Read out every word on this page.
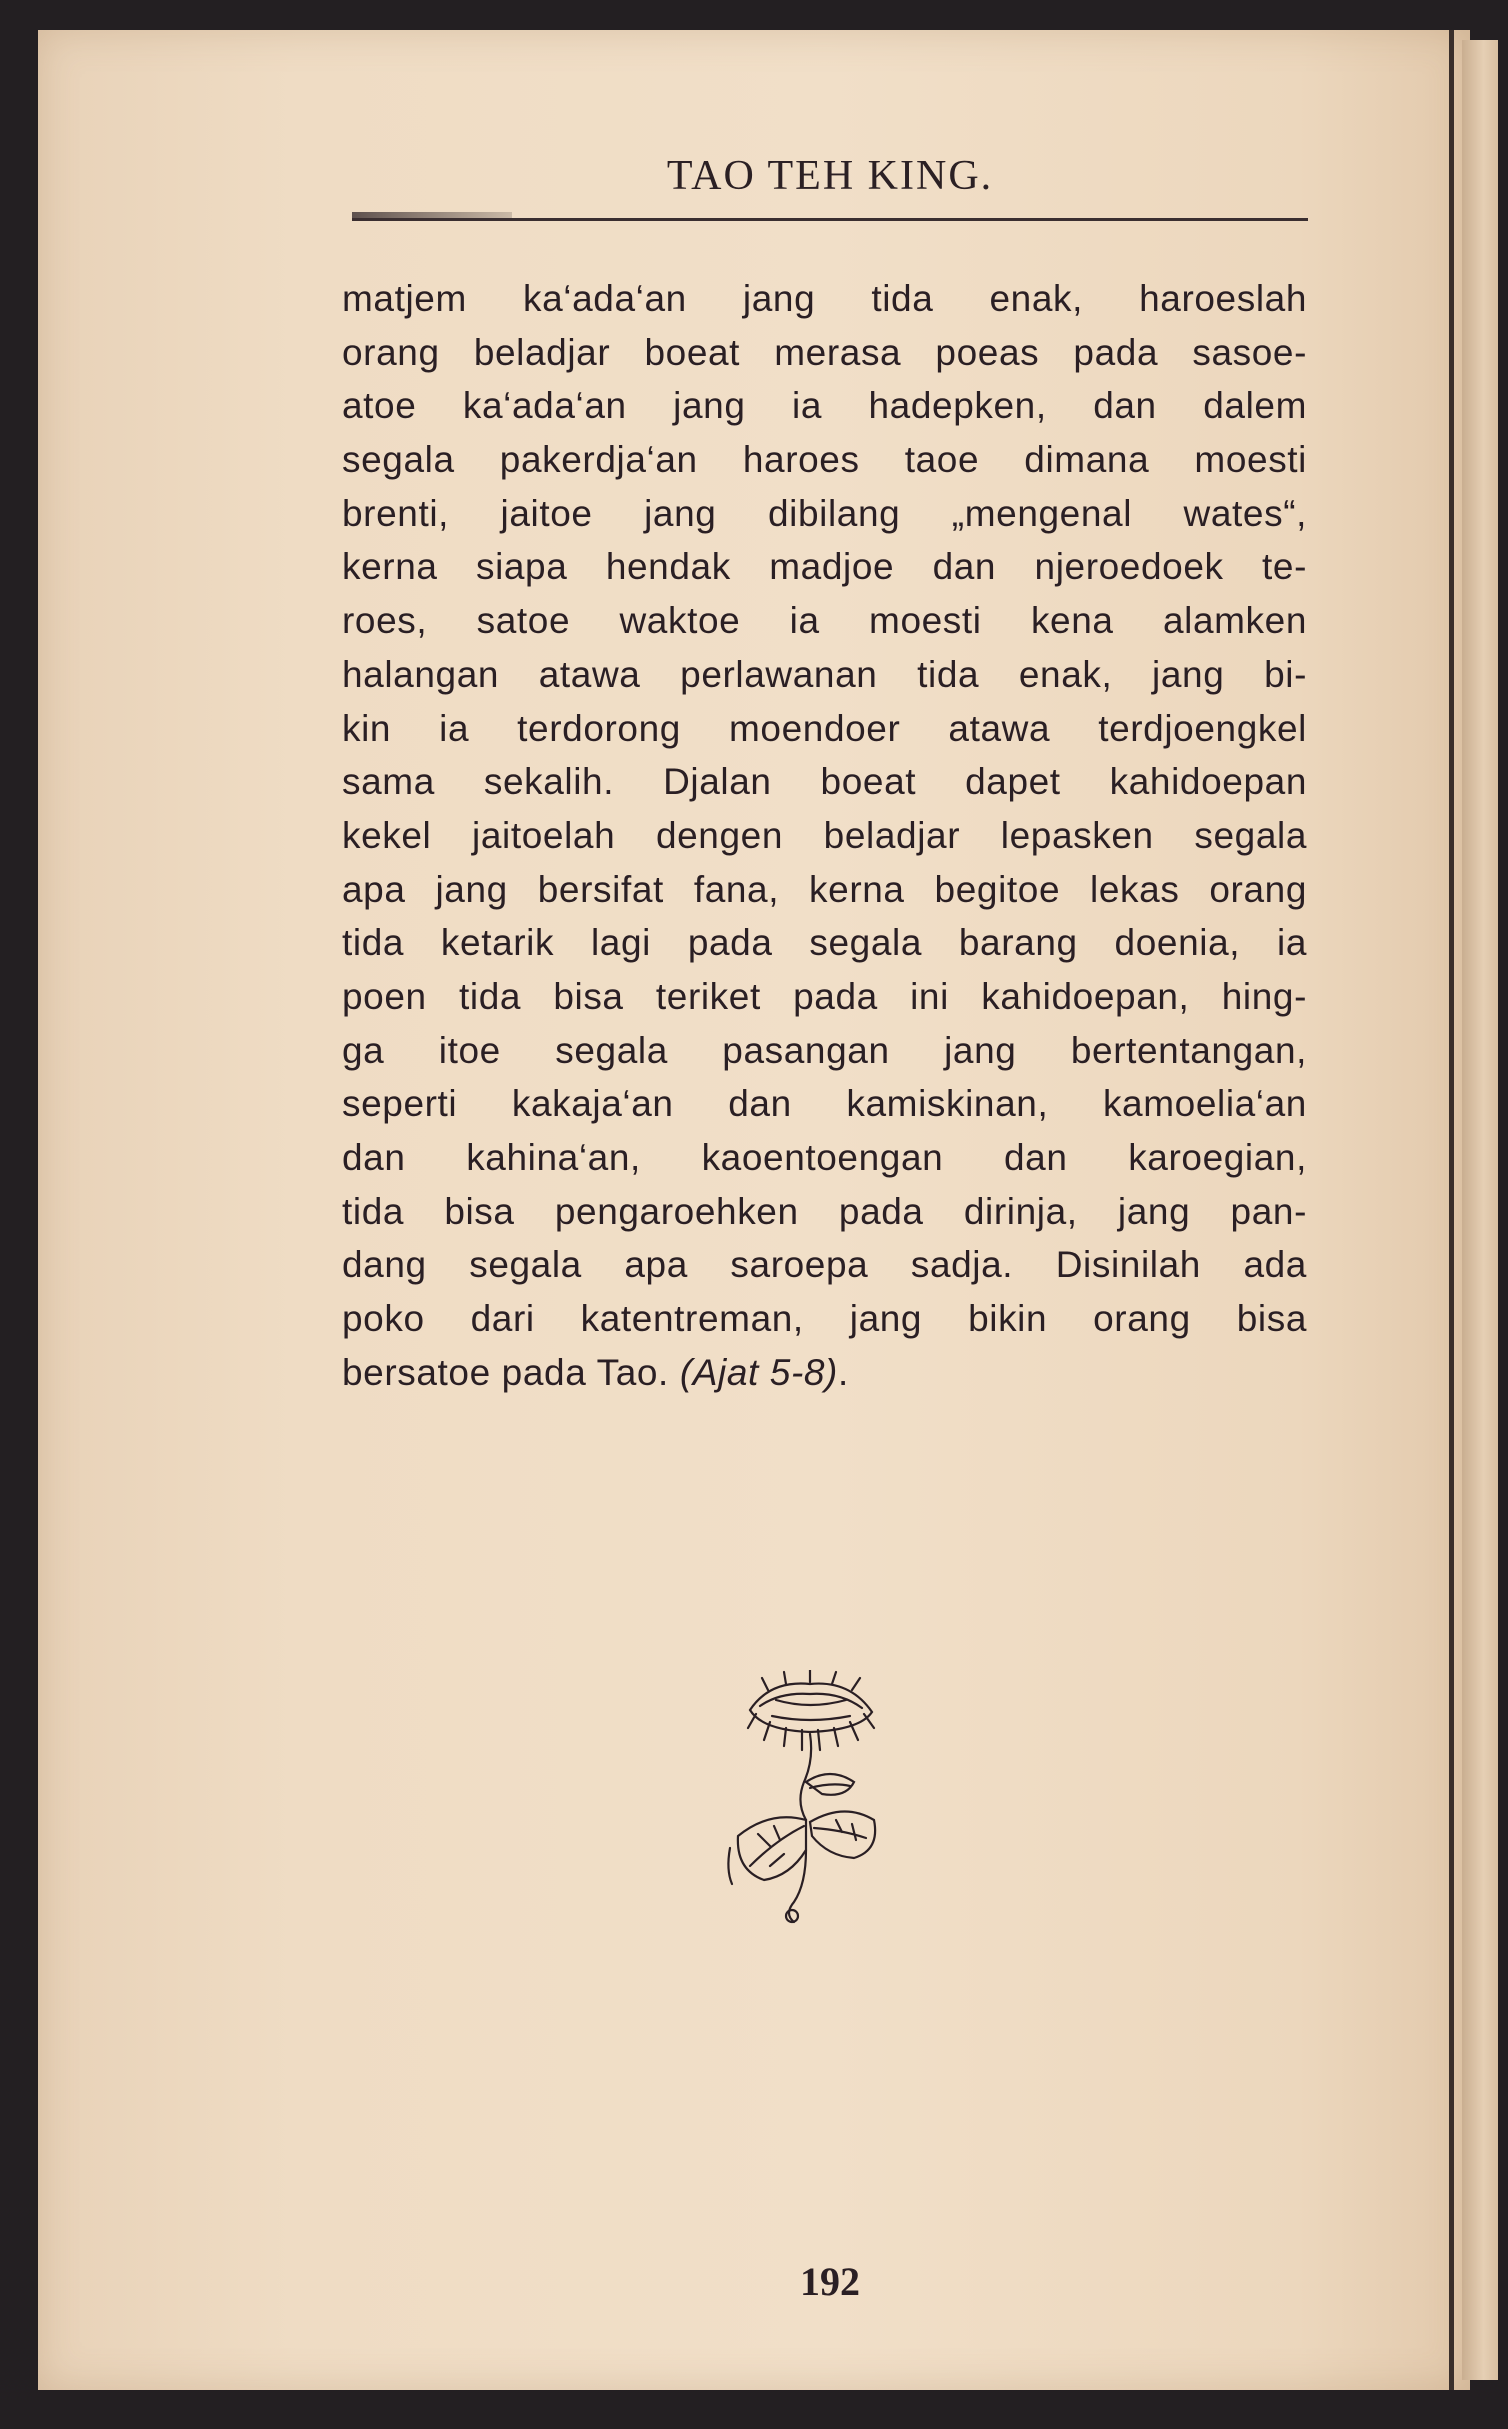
TAO TEH KING.
matjem ka‘ada‘an jang tida enak, haroeslah
orang beladjar boeat merasa poeas pada sasoe-
atoe ka‘ada‘an jang ia hadepken, dan dalem
segala pakerdja‘an haroes taoe dimana moesti
brenti, jaitoe jang dibilang „mengenal wates“,
kerna siapa hendak madjoe dan njeroedoek te-
roes, satoe waktoe ia moesti kena alamken
halangan atawa perlawanan tida enak, jang bi-
kin ia terdorong moendoer atawa terdjoengkel
sama sekalih. Djalan boeat dapet kahidoepan
kekel jaitoelah dengen beladjar lepasken segala
apa jang bersifat fana, kerna begitoe lekas orang
tida ketarik lagi pada segala barang doenia, ia
poen tida bisa teriket pada ini kahidoepan, hing-
ga itoe segala pasangan jang bertentangan,
seperti kakaja‘an dan kamiskinan, kamoelia‘an
dan kahina‘an, kaoentoengan dan karoegian,
tida bisa pengaroehken pada dirinja, jang pan-
dang segala apa saroepa sadja. Disinilah ada
poko dari katentreman, jang bikin orang bisa
bersatoe pada Tao. (Ajat 5-8).
192
